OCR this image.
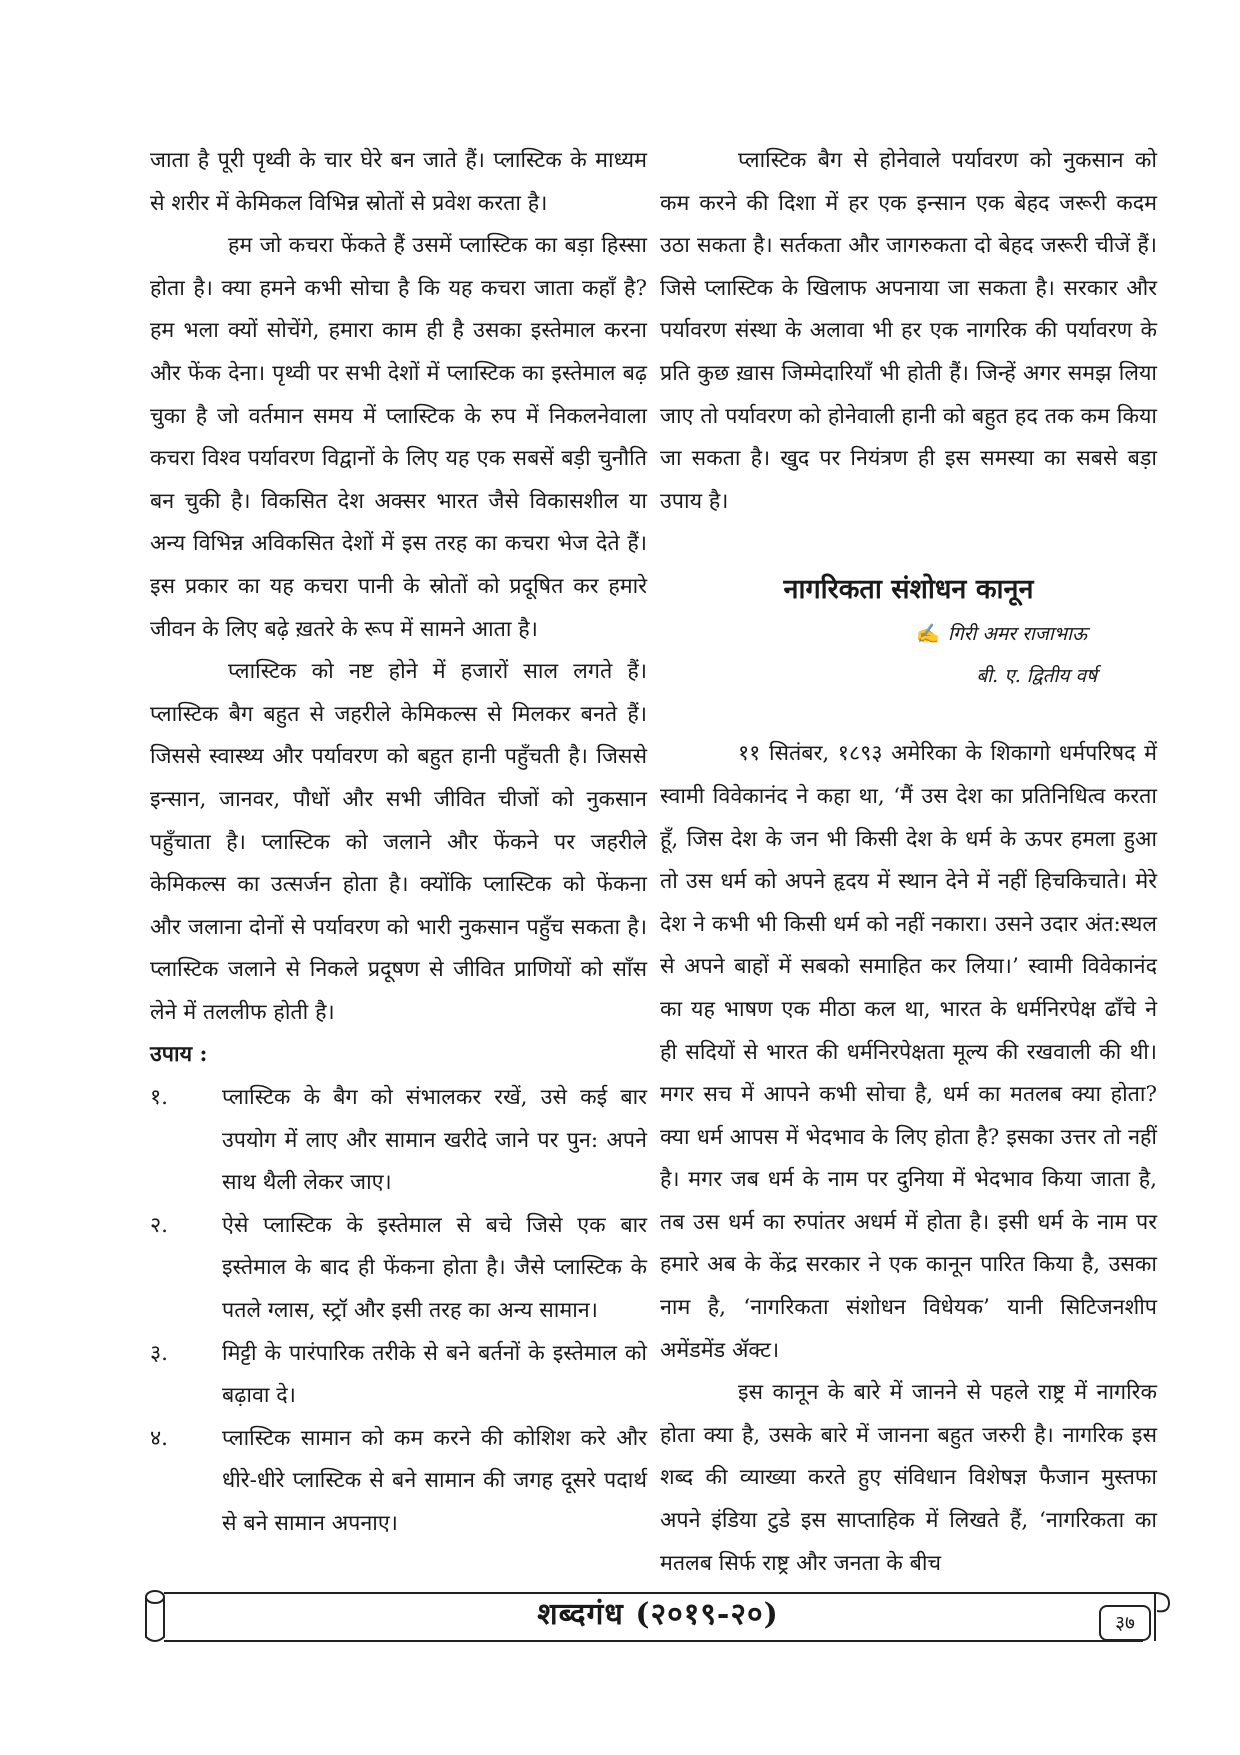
जाता है पूरी पृथ्वी के चार घेरे बन जाते हैं। प्लास्टिक के माध्यम से शरीर में केमिकल विभिन्न स्रोतों से प्रवेश करता है।

हम जो कचरा फेंकते हैं उसमें प्लास्टिक का बड़ा हिस्सा होता है। क्या हमने कभी सोचा है कि यह कचरा जाता कहाँ है? हम भला क्यों सोचेंगे, हमारा काम ही है उसका इस्तेमाल करना और फेंक देना। पृथ्वी पर सभी देशों में प्लास्टिक का इस्तेमाल बढ़ चुका है जो वर्तमान समय में प्लास्टिक के रुप में निकलनेवाला कचरा विश्व पर्यावरण विद्वानों के लिए यह एक सबसें बड़ी चुनौति बन चुकी है। विकसित देश अक्सर भारत जैसे विकासशील या अन्य विभिन्न अविकसित देशों में इस तरह का कचरा भेज देते हैं। इस प्रकार का यह कचरा पानी के स्रोतों को प्रदूषित कर हमारे जीवन के लिए बढ़े ख़तरे के रूप में सामने आता है।

प्लास्टिक को नष्ट होने में हजारों साल लगते हैं। प्लास्टिक बैग बहुत से जहरीले केमिकल्स से मिलकर बनते हैं। जिससे स्वास्थ्य और पर्यावरण को बहुत हानी पहुँचती है। जिससे इन्सान, जानवर, पौधों और सभी जीवित चीजों को नुकसान पहुँचाता है। प्लास्टिक को जलाने और फेंकने पर जहरीले केमिकल्स का उत्सर्जन होता है। क्योंकि प्लास्टिक को फेंकना और जलाना दोनों से पर्यावरण को भारी नुकसान पहुँच सकता है। प्लास्टिक जलाने से निकले प्रदूषण से जीवित प्राणियों को साँस लेने में तललीफ होती है।

उपाय :

१.	प्लास्टिक के बैग को संभालकर रखें, उसे कई बार उपयोग में लाए और सामान खरीदे जाने पर पुन: अपने साथ थैली लेकर जाए।
२.	ऐसे प्लास्टिक के इस्तेमाल से बचे जिसे एक बार इस्तेमाल के बाद ही फेंकना होता है। जैसे प्लास्टिक के पतले ग्लास, स्ट्रॉ और इसी तरह का अन्य सामान।
३.	मिट्टी के पारंपारिक तरीके से बने बर्तनों के इस्तेमाल को बढ़ावा दे।
४.	प्लास्टिक सामान को कम करने की कोशिश करे और धीरे-धीरे प्लास्टिक से बने सामान की जगह दूसरे पदार्थ से बने सामान अपनाए।

प्लास्टिक बैग से होनेवाले पर्यावरण को नुकसान को कम करने की दिशा में हर एक इन्सान एक बेहद जरूरी कदम उठा सकता है। सर्तकता और जागरुकता दो बेहद जरूरी चीजें हैं। जिसे प्लास्टिक के खिलाफ अपनाया जा सकता है। सरकार और पर्यावरण संस्था के अलावा भी हर एक नागरिक की पर्यावरण के प्रति कुछ ख़ास जिम्मेदारियाँ भी होती हैं। जिन्हें अगर समझ लिया जाए तो पर्यावरण को होनेवाली हानी को बहुत हद तक कम किया जा सकता है। खुद पर नियंत्रण ही इस समस्या का सबसे बड़ा उपाय है।

नागरिकता संशोधन कानून
✍ गिरी अमर राजाभाऊ
बी. ए. द्वितीय वर्ष

११ सितंबर, १८९३ अमेरिका के शिकागो धर्मपरिषद में स्वामी विवेकानंद ने कहा था, ‘मैं उस देश का प्रतिनिधित्व करता हूँ, जिस देश के जन भी किसी देश के धर्म के ऊपर हमला हुआ तो उस धर्म को अपने हृदय में स्थान देने में नहीं हिचकिचाते। मेरे देश ने कभी भी किसी धर्म को नहीं नकारा। उसने उदार अंत:स्थल से अपने बाहों में सबको समाहित कर लिया।’ स्वामी विवेकानंद का यह भाषण एक मीठा कल था, भारत के धर्मनिरपेक्ष ढाँचे ने ही सदियों से भारत की धर्मनिरपेक्षता मूल्य की रखवाली की थी। मगर सच में आपने कभी सोचा है, धर्म का मतलब क्या होता? क्या धर्म आपस में भेदभाव के लिए होता है? इसका उत्तर तो नहीं है। मगर जब धर्म के नाम पर दुनिया में भेदभाव किया जाता है, तब उस धर्म का रुपांतर अधर्म में होता है। इसी धर्म के नाम पर हमारे अब के केंद्र सरकार ने एक कानून पारित किया है, उसका नाम है, ‘नागरिकता संशोधन विधेयक’ यानी सिटिजनशीप अमेंडमेंड ॲक्ट।

इस कानून के बारे में जानने से पहले राष्ट्र में नागरिक होता क्या है, उसके बारे में जानना बहुत जरुरी है। नागरिक इस शब्द की व्याख्या करते हुए संविधान विशेषज्ञ फैजान मुस्तफा अपने इंडिया टुडे इस साप्ताहिक में लिखते हैं, ‘नागरिकता का मतलब सिर्फ राष्ट्र और जनता के बीच

शब्दगंध (२०१९-२०)	३७
